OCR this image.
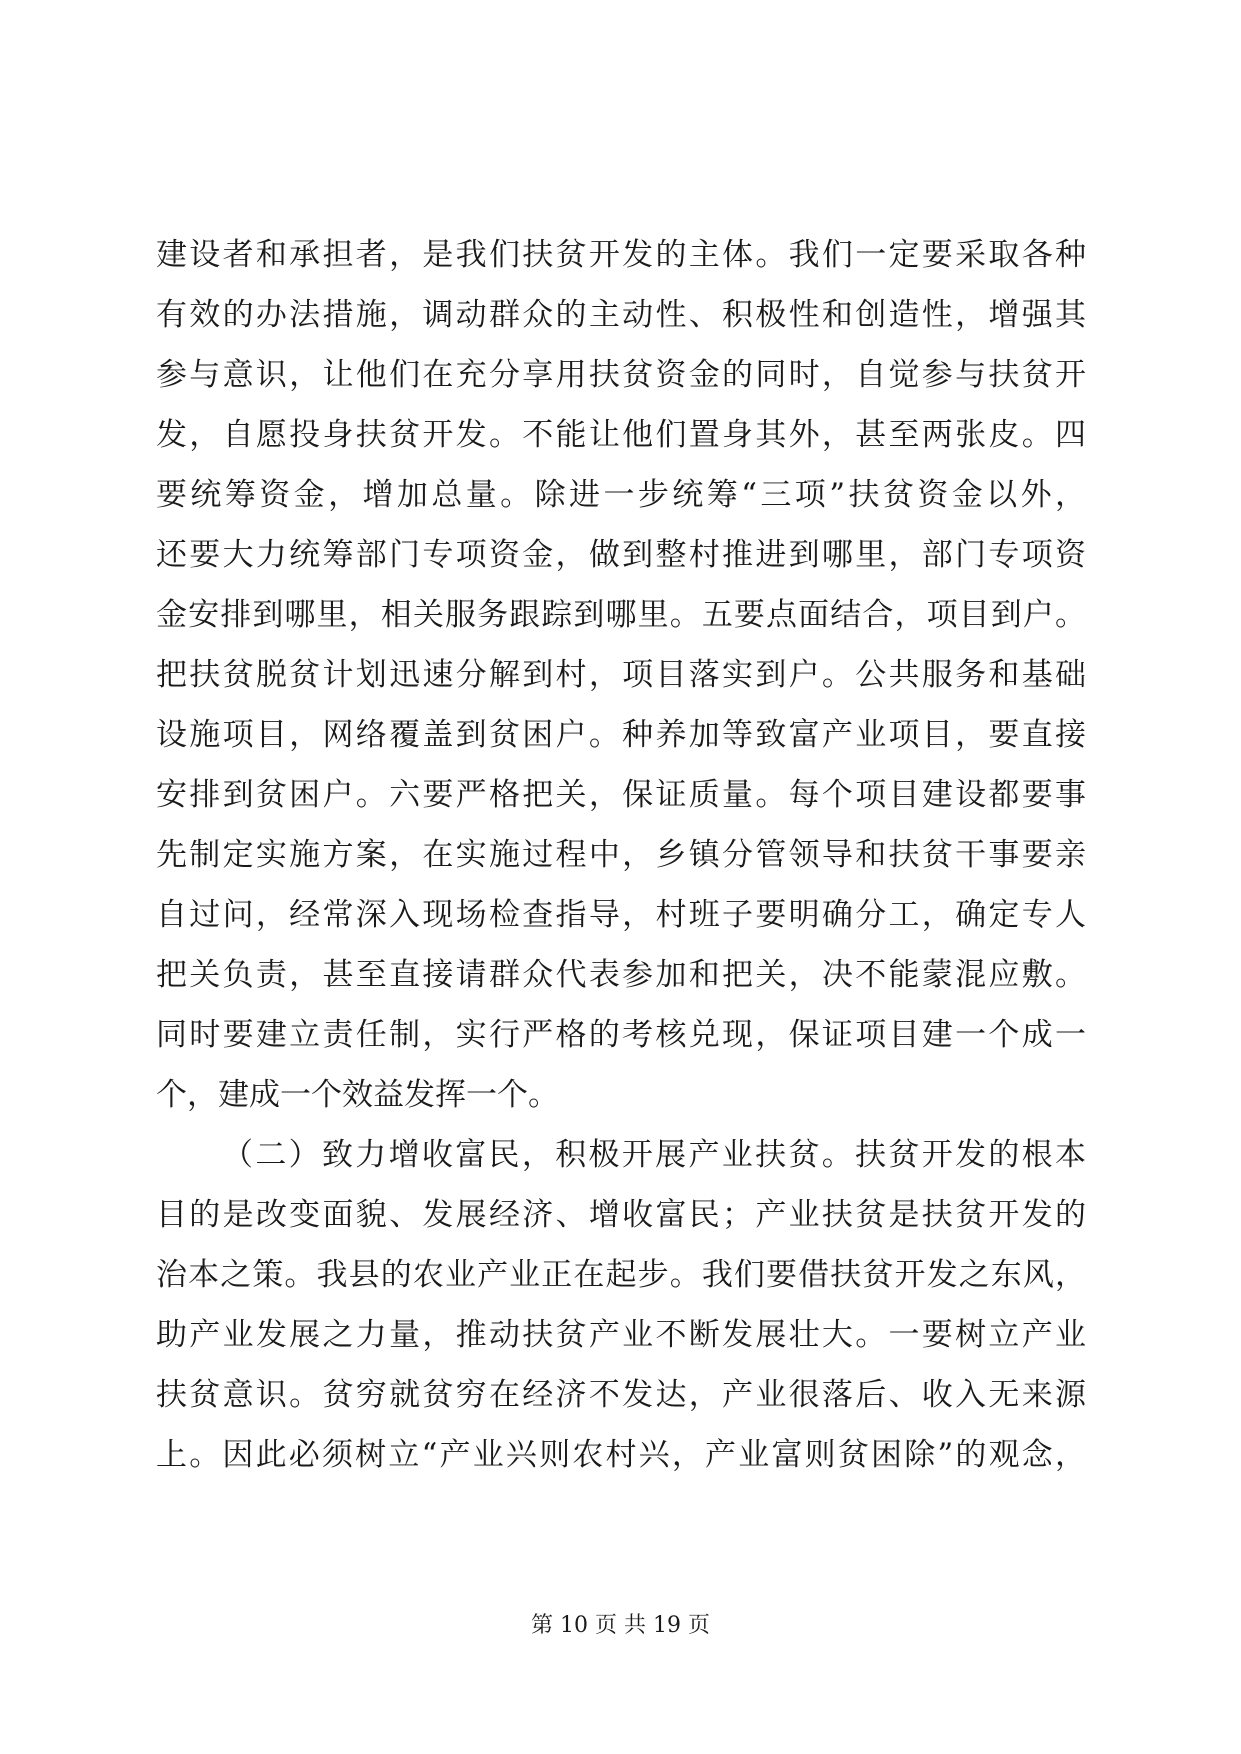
建设者和承担者，是我们扶贫开发的主体。我们一定要采取各种
有效的办法措施，调动群众的主动性、积极性和创造性，增强其
参与意识，让他们在充分享用扶贫资金的同时，自觉参与扶贫开
发，自愿投身扶贫开发。不能让他们置身其外，甚至两张皮。四
要统筹资金，增加总量。除进一步统筹“三项”扶贫资金以外，
还要大力统筹部门专项资金，做到整村推进到哪里，部门专项资
金安排到哪里，相关服务跟踪到哪里。五要点面结合，项目到户。
把扶贫脱贫计划迅速分解到村，项目落实到户。公共服务和基础
设施项目，网络覆盖到贫困户。种养加等致富产业项目，要直接
安排到贫困户。六要严格把关，保证质量。每个项目建设都要事
先制定实施方案，在实施过程中，乡镇分管领导和扶贫干事要亲
自过问，经常深入现场检查指导，村班子要明确分工，确定专人
把关负责，甚至直接请群众代表参加和把关，决不能蒙混应敷。
同时要建立责任制，实行严格的考核兑现，保证项目建一个成一
个，建成一个效益发挥一个。
（二）致力增收富民，积极开展产业扶贫。扶贫开发的根本
目的是改变面貌、发展经济、增收富民；产业扶贫是扶贫开发的
治本之策。我县的农业产业正在起步。我们要借扶贫开发之东风，
助产业发展之力量，推动扶贫产业不断发展壮大。一要树立产业
扶贫意识。贫穷就贫穷在经济不发达，产业很落后、收入无来源
上。因此必须树立“产业兴则农村兴，产业富则贫困除”的观念，
第 10 页 共 19 页
